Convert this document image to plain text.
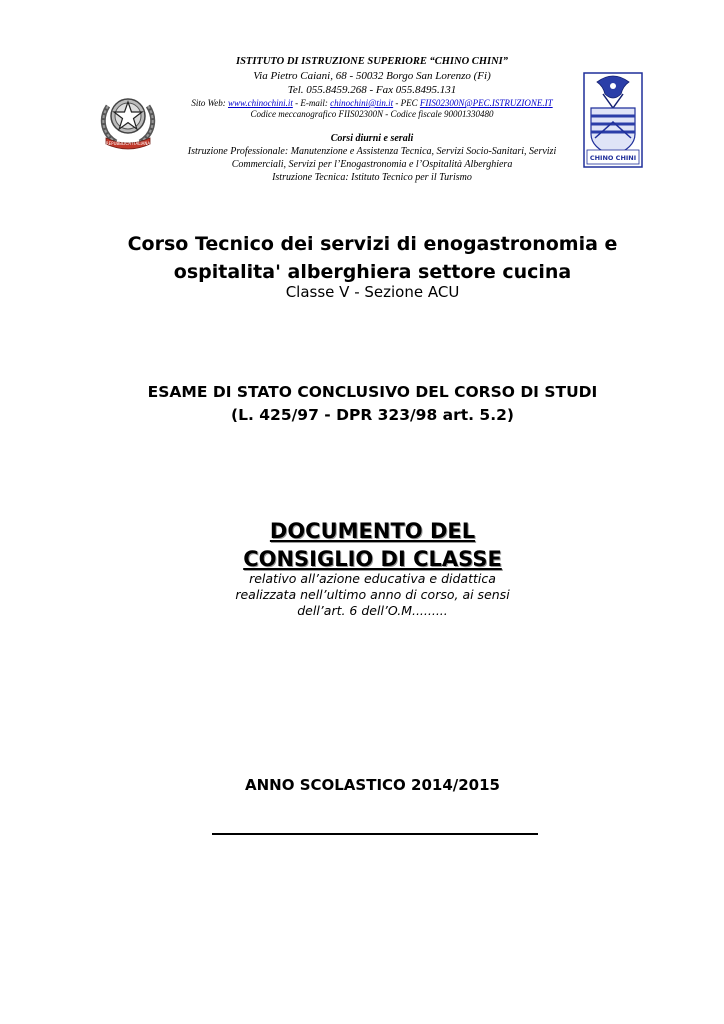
ISTITUTO DI ISTRUZIONE SUPERIORE “CHINO CHINI”
Via Pietro Caiani, 68 - 50032 Borgo San Lorenzo (Fi)
Tel. 055.8459.268 - Fax 055.8495.131
Sito Web: www.chinochini.it - E-mail: chinochini@tin.it - PEC FIIS02300N@PEC.ISTRUZIONE.IT
Codice meccanografico FIIS02300N - Codice fiscale 90001330480
Corsi diurni e serali
Istruzione Professionale: Manutenzione e Assistenza Tecnica, Servizi Socio-Sanitari, Servizi
Commerciali, Servizi per l’Enogastronomia e l’Ospitalità Alberghiera
Istruzione Tecnica: Istituto Tecnico per il Turismo
REPUBBLICA ITALIANA
CHINO CHINI
Corso Tecnico dei servizi di enogastronomia e
ospitalita' alberghiera settore cucina
Classe V - Sezione ACU
ESAME DI STATO CONCLUSIVO DEL CORSO DI STUDI
(L. 425/97 - DPR 323/98 art. 5.2)
DOCUMENTO DEL
CONSIGLIO DI CLASSE
relativo all’azione educativa e didattica
realizzata nell’ultimo anno di corso, ai sensi
dell’art. 6 dell’O.M.........
ANNO SCOLASTICO 2014/2015
